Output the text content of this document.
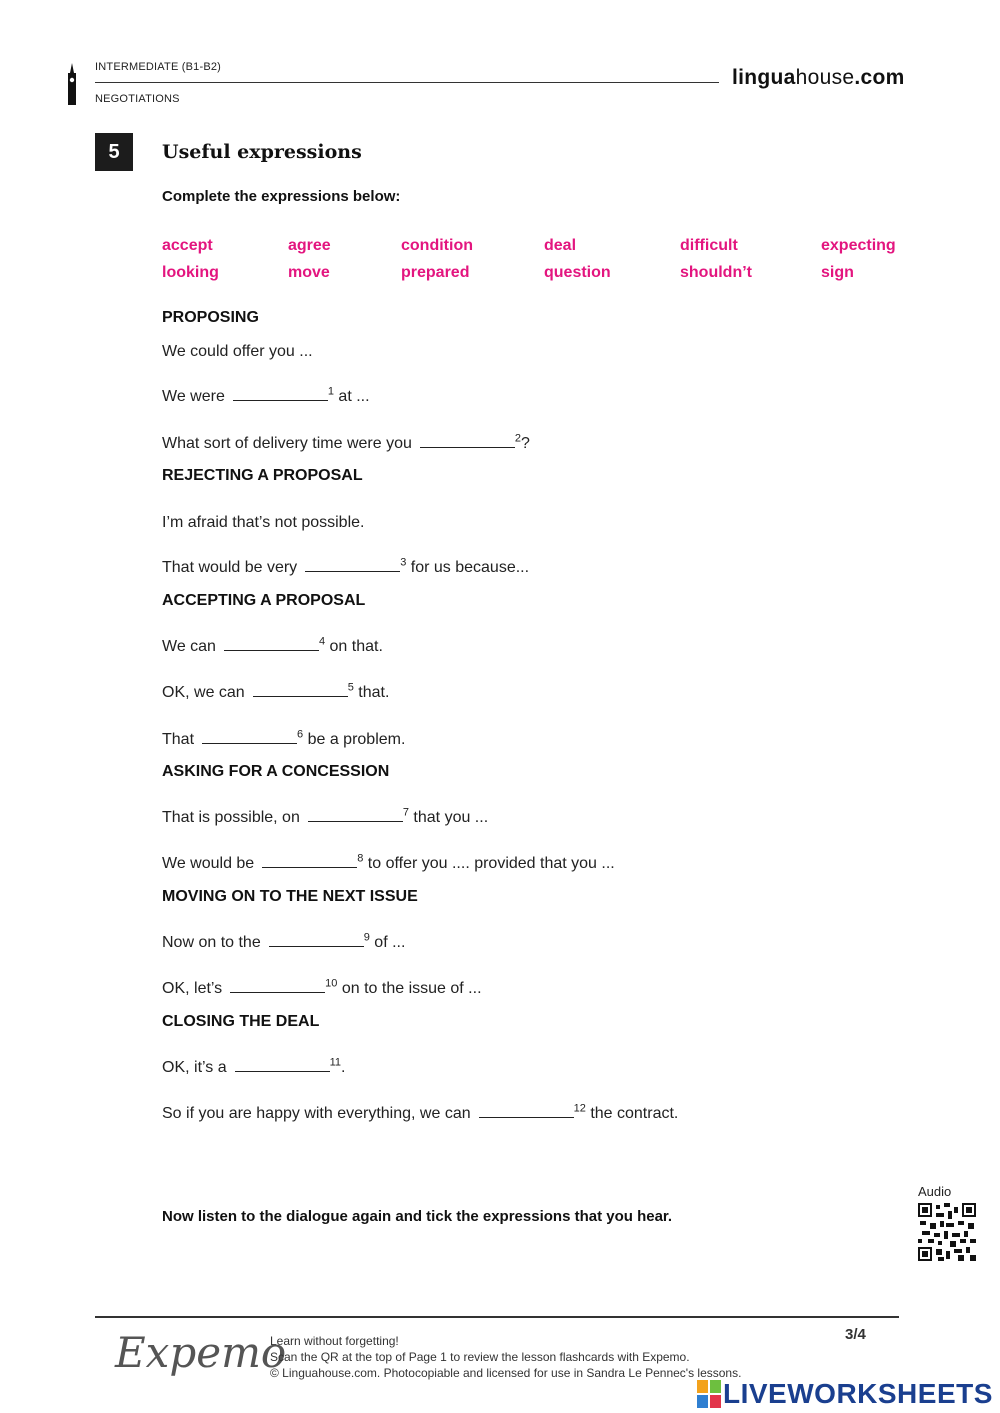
INTERMEDIATE (B1-B2)
NEGOTIATIONS
linguahouse.com
5	Useful expressions
Complete the expressions below:
accept	agree	condition	deal	difficult	expecting
looking	move	prepared	question	shouldn’t	sign
PROPOSING
We could offer you ...
We were	$^1$ at ...
What sort of delivery time were you	$^2$?
REJECTING A PROPOSAL
I’m afraid that’s not possible.
That would be very	$^3$ for us because...
ACCEPTING A PROPOSAL
We can	$^4$ on that.
OK, we can	$^5$ that.
That	$^6$ be a problem.
ASKING FOR A CONCESSION
That is possible, on	$^7$ that you ...
We would be	$^8$ to offer you .... provided that you ...
MOVING ON TO THE NEXT ISSUE
Now on to the	$^9$ of ...
OK, let’s	$^{10}$ on to the issue of ...
CLOSING THE DEAL
OK, it’s a	$^{11}$.
So if you are happy with everything, we can	$^{12}$ the contract.
Now listen to the dialogue again and tick the expressions that you hear.
Audio
Expemo
Learn without forgetting!
Scan the QR at the top of Page 1 to review the lesson flashcards with Expemo.
© Linguahouse.com. Photocopiable and licensed for use in Sandra Le Pennec's lessons.
3/4
LIVEWORKSHEETS
